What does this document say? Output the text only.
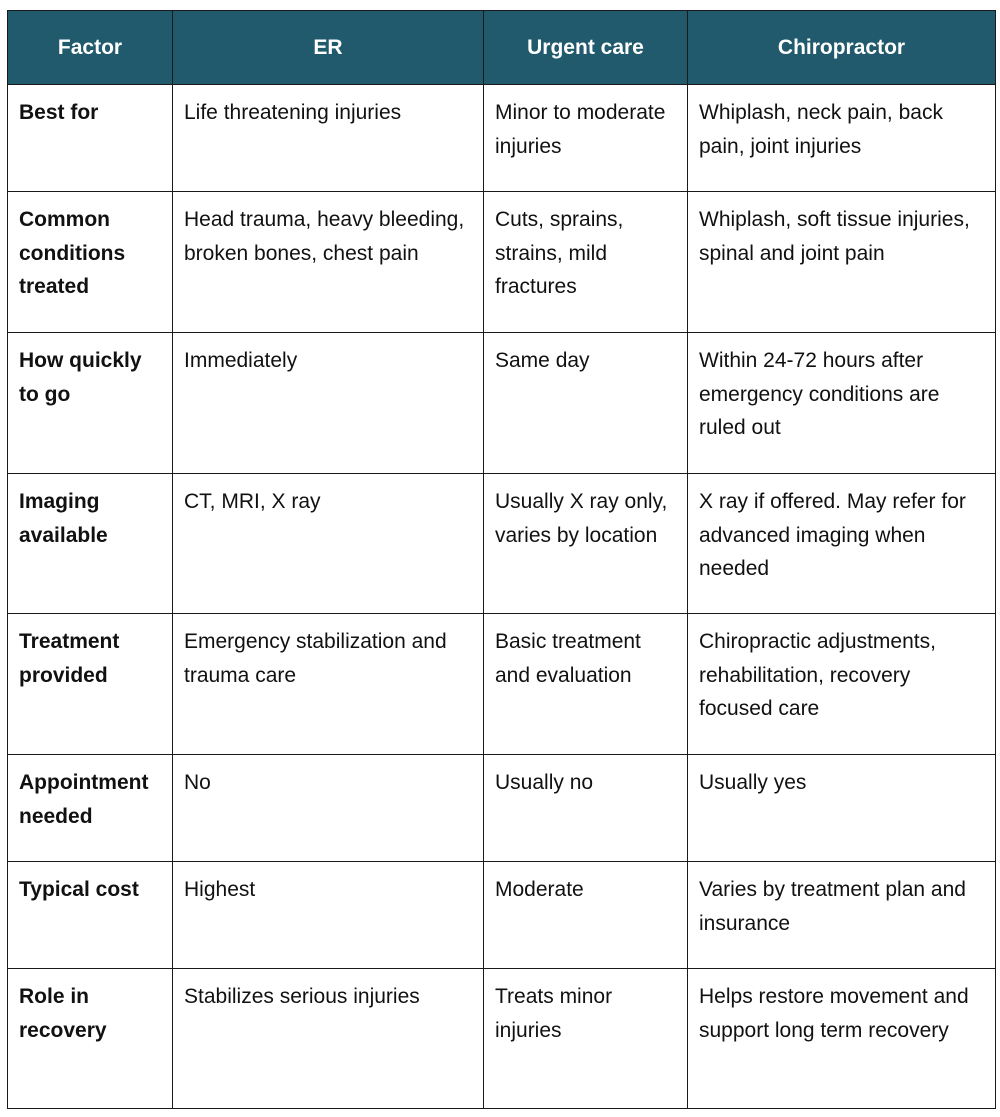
Factor	ER	Urgent care	Chiropractor
Best for	Life threatening injuries	Minor to moderate injuries	Whiplash, neck pain, back pain, joint injuries
Common conditions treated	Head trauma, heavy bleeding, broken bones, chest pain	Cuts, sprains, strains, mild fractures	Whiplash, soft tissue injuries, spinal and joint pain
How quickly to go	Immediately	Same day	Within 24-72 hours after emergency conditions are ruled out
Imaging available	CT, MRI, X ray	Usually X ray only, varies by location	X ray if offered. May refer for advanced imaging when needed
Treatment provided	Emergency stabilization and trauma care	Basic treatment and evaluation	Chiropractic adjustments, rehabilitation, recovery focused care
Appointment needed	No	Usually no	Usually yes
Typical cost	Highest	Moderate	Varies by treatment plan and insurance
Role in recovery	Stabilizes serious injuries	Treats minor injuries	Helps restore movement and support long term recovery
